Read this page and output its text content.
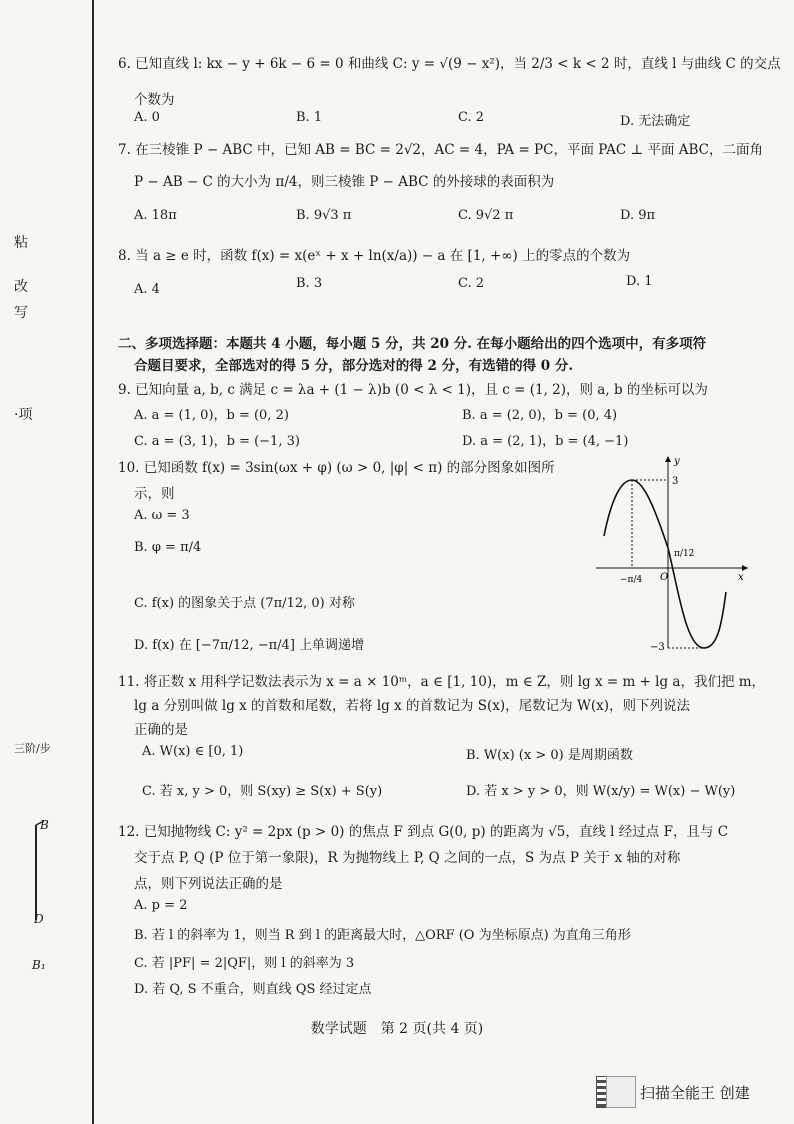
粘
改
写
·项
三阶/步
B
D
B₁
6. 已知直线 l: kx − y + 6k − 6 = 0 和曲线 C: y = √(9 − x²)，当 2/3 < k < 2 时，直线 l 与曲线 C 的交点
个数为
A. 0	B. 1	C. 2	D. 无法确定
7. 在三棱锥 P − ABC 中，已知 AB = BC = 2√2，AC = 4，PA = PC，平面 PAC ⊥ 平面 ABC，二面角
P − AB − C 的大小为 π/4，则三棱锥 P − ABC 的外接球的表面积为
A. 18π	B. 9√3 π	C. 9√2 π	D. 9π
8. 当 a ≥ e 时，函数 f(x) = x(eˣ + x + ln(x/a)) − a 在 [1, +∞) 上的零点的个数为
A. 4	B. 3	C. 2	D. 1
二、多项选择题：本题共 4 小题，每小题 5 分，共 20 分. 在每小题给出的四个选项中，有多项符
合题目要求，全部选对的得 5 分，部分选对的得 2 分，有选错的得 0 分.
9. 已知向量 a, b, c 满足 c = λa + (1 − λ)b (0 < λ < 1)，且 c = (1, 2)，则 a, b 的坐标可以为
A. a = (1, 0)，b = (0, 2)	B. a = (2, 0)，b = (0, 4)
C. a = (3, 1)，b = (−1, 3)	D. a = (2, 1)，b = (4, −1)
10. 已知函数 f(x) = 3sin(ωx + φ) (ω > 0, |φ| < π) 的部分图象如图所
示，则
A. ω = 3
B. φ = π/4
C. f(x) 的图象关于点 (7π/12, 0) 对称
D. f(x) 在 [−7π/12, −π/4] 上单调递增
3
−3
−π/4
π/12
O	x
y
11. 将正数 x 用科学记数法表示为 x = a × 10ᵐ，a ∈ [1, 10)，m ∈ Z，则 lg x = m + lg a，我们把 m，
lg a 分别叫做 lg x 的首数和尾数，若将 lg x 的首数记为 S(x)，尾数记为 W(x)，则下列说法
正确的是
A. W(x) ∈ [0, 1)	B. W(x) (x > 0) 是周期函数
C. 若 x, y > 0，则 S(xy) ≥ S(x) + S(y)	D. 若 x > y > 0，则 W(x/y) = W(x) − W(y)
12. 已知抛物线 C: y² = 2px (p > 0) 的焦点 F 到点 G(0, p) 的距离为 √5，直线 l 经过点 F，且与 C
交于点 P, Q (P 位于第一象限)，R 为抛物线上 P, Q 之间的一点，S 为点 P 关于 x 轴的对称
点，则下列说法正确的是
A. p = 2
B. 若 l 的斜率为 1，则当 R 到 l 的距离最大时，△ORF (O 为坐标原点) 为直角三角形
C. 若 |PF| = 2|QF|，则 l 的斜率为 3
D. 若 Q, S 不重合，则直线 QS 经过定点
数学试题　第 2 页(共 4 页)
扫描全能王 创建
